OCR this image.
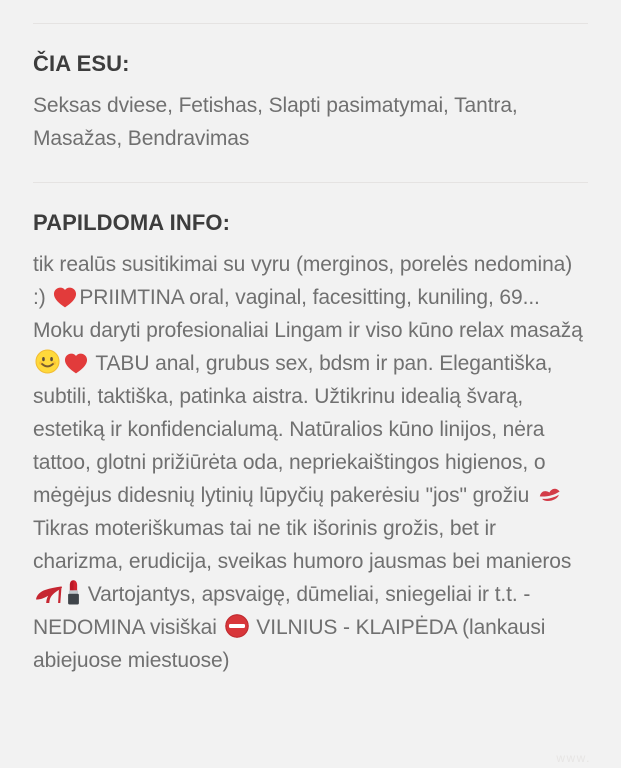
ČIA ESU:

Seksas dviese, Fetishas, Slapti pasimatymai, Tantra, Masažas, Bendravimas

PAPILDOMA INFO:

tik realūs susitikimai su vyru (merginos, porelės nedomina) :) PRIIMTINA oral, vaginal, facesitting, kuniling, 69... Moku daryti profesionaliai Lingam ir viso kūno relax masažą  TABU anal, grubus sex, bdsm ir pan. Elegantiška, subtili, taktiška, patinka aistra. Užtikrinu idealią švarą, estetiką ir konfidencialumą. Natūralios kūno linijos, nėra tattoo, glotni prižiūrėta oda, nepriekaištingos higienos, o mėgėjus didesnių lytinių lūpyčių pakerėsiu "jos" grožiu  Tikras moteriškumas tai ne tik išorinis grožis, bet ir charizma, erudicija, sveikas humoro jausmas bei manieros Vartojantys, apsvaigę, dūmeliai, sniegeliai ir t.t. - NEDOMINA visiškai  VILNIUS - KLAIPĖDA (lankausi abiejuose miestuose)

www.
